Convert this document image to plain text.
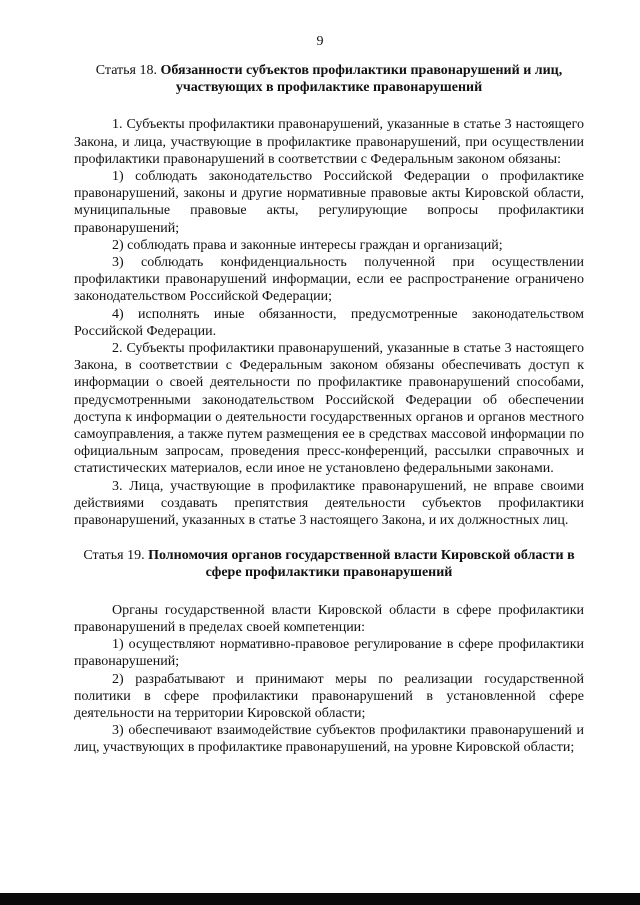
9

Статья 18. Обязанности субъектов профилактики правонарушений и лиц, участвующих в профилактике правонарушений

1. Субъекты профилактики правонарушений, указанные в статье 3 настоящего Закона, и лица, участвующие в профилактике правонарушений, при осуществлении профилактики правонарушений в соответствии с Федеральным законом обязаны:

1) соблюдать законодательство Российской Федерации о профилактике правонарушений, законы и другие нормативные правовые акты Кировской области, муниципальные правовые акты, регулирующие вопросы профилактики правонарушений;

2) соблюдать права и законные интересы граждан и организаций;

3) соблюдать конфиденциальность полученной при осуществлении профилактики правонарушений информации, если ее распространение ограничено законодательством Российской Федерации;

4) исполнять иные обязанности, предусмотренные законодательством Российской Федерации.

2. Субъекты профилактики правонарушений, указанные в статье 3 настоящего Закона, в соответствии с Федеральным законом обязаны обеспечивать доступ к информации о своей деятельности по профилактике правонарушений способами, предусмотренными законодательством Российской Федерации об обеспечении доступа к информации о деятельности государственных органов и органов местного самоуправления, а также путем размещения ее в средствах массовой информации по официальным запросам, проведения пресс-конференций, рассылки справочных и статистических материалов, если иное не установлено федеральными законами.

3. Лица, участвующие в профилактике правонарушений, не вправе своими действиями создавать препятствия деятельности субъектов профилактики правонарушений, указанных в статье 3 настоящего Закона, и их должностных лиц.

Статья 19. Полномочия органов государственной власти Кировской области в сфере профилактики правонарушений

Органы государственной власти Кировской области в сфере профилактики правонарушений в пределах своей компетенции:

1) осуществляют нормативно-правовое регулирование в сфере профилактики правонарушений;

2) разрабатывают и принимают меры по реализации государственной политики в сфере профилактики правонарушений в установленной сфере деятельности на территории Кировской области;

3) обеспечивают взаимодействие субъектов профилактики правонарушений и лиц, участвующих в профилактике правонарушений, на уровне Кировской области;
